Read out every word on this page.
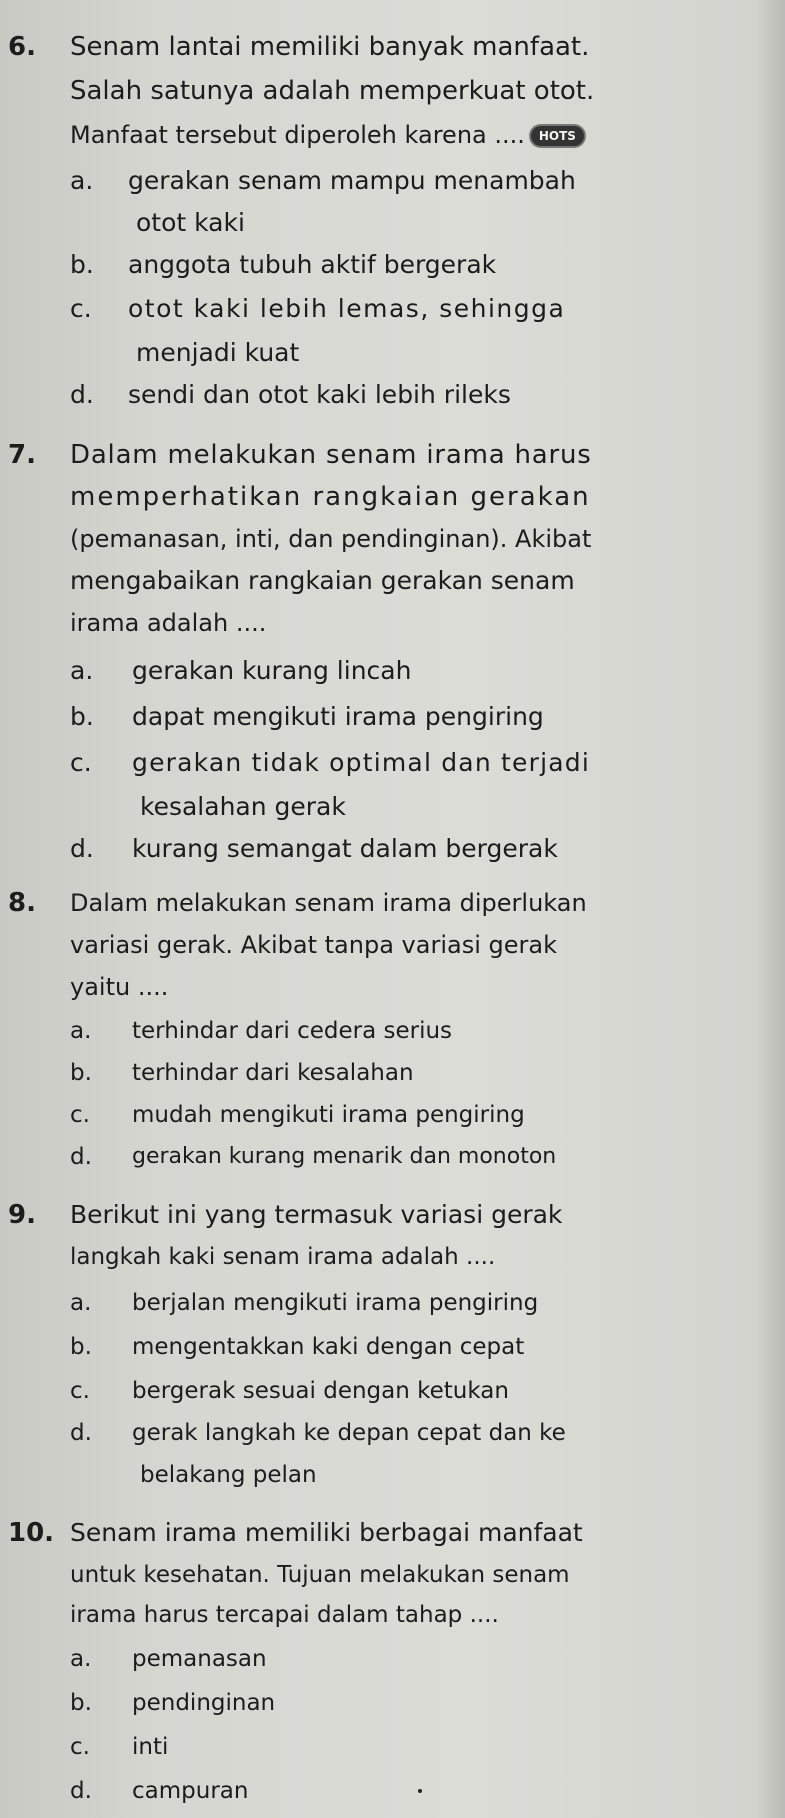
6. Senam lantai memiliki banyak manfaat.
Salah satunya adalah memperkuat otot.
Manfaat tersebut diperoleh karena .... HOTS
a. gerakan senam mampu menambah
otot kaki
b. anggota tubuh aktif bergerak
c. otot kaki lebih lemas, sehingga
menjadi kuat
d. sendi dan otot kaki lebih rileks
7. Dalam melakukan senam irama harus
memperhatikan rangkaian gerakan
(pemanasan, inti, dan pendinginan). Akibat
mengabaikan rangkaian gerakan senam
irama adalah ....
a. gerakan kurang lincah
b. dapat mengikuti irama pengiring
c. gerakan tidak optimal dan terjadi
kesalahan gerak
d. kurang semangat dalam bergerak
8. Dalam melakukan senam irama diperlukan
variasi gerak. Akibat tanpa variasi gerak
yaitu ....
a. terhindar dari cedera serius
b. terhindar dari kesalahan
c. mudah mengikuti irama pengiring
d. gerakan kurang menarik dan monoton
9. Berikut ini yang termasuk variasi gerak
langkah kaki senam irama adalah ....
a. berjalan mengikuti irama pengiring
b. mengentakkan kaki dengan cepat
c. bergerak sesuai dengan ketukan
d. gerak langkah ke depan cepat dan ke
belakang pelan
10. Senam irama memiliki berbagai manfaat
untuk kesehatan. Tujuan melakukan senam
irama harus tercapai dalam tahap ....
a. pemanasan
b. pendinginan
c. inti
d. campuran
